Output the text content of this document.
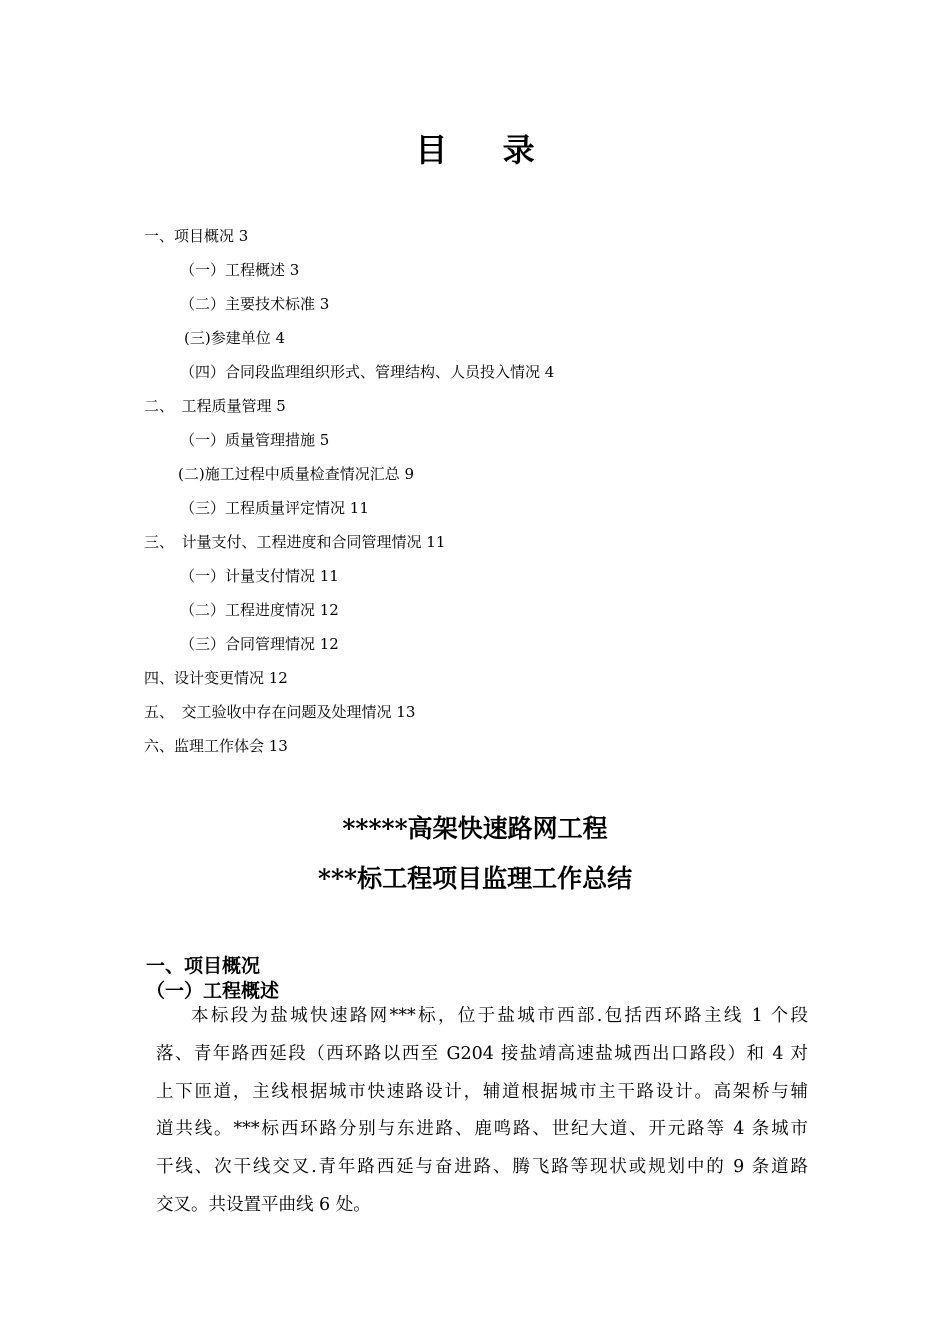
目 录
一、项目概况 3
（一）工程概述 3
（二）主要技术标准 3
(三)参建单位 4
（四）合同段监理组织形式、管理结构、人员投入情况 4
二、　工程质量管理 5
（一）质量管理措施 5
(二)施工过程中质量检查情况汇总 9
（三）工程质量评定情况 11
三、　计量支付、工程进度和合同管理情况 11
（一）计量支付情况 11
（二）工程进度情况 12
（三）合同管理情况 12
四、设计变更情况 12
五、　交工验收中存在问题及处理情况 13
六、监理工作体会 13
*****高架快速路网工程
***标工程项目监理工作总结
一、项目概况
（一）工程概述
本标段为盐城快速路网***标，位于盐城市西部.包括西环路主线 1 个段
落、青年路西延段（西环路以西至 G204 接盐靖高速盐城西出口路段）和 4 对
上下匝道，主线根据城市快速路设计，辅道根据城市主干路设计。高架桥与辅
道共线。***标西环路分别与东进路、鹿鸣路、世纪大道、开元路等 4 条城市
干线、次干线交叉.青年路西延与奋进路、腾飞路等现状或规划中的 9 条道路
交叉。共设置平曲线 6 处。
